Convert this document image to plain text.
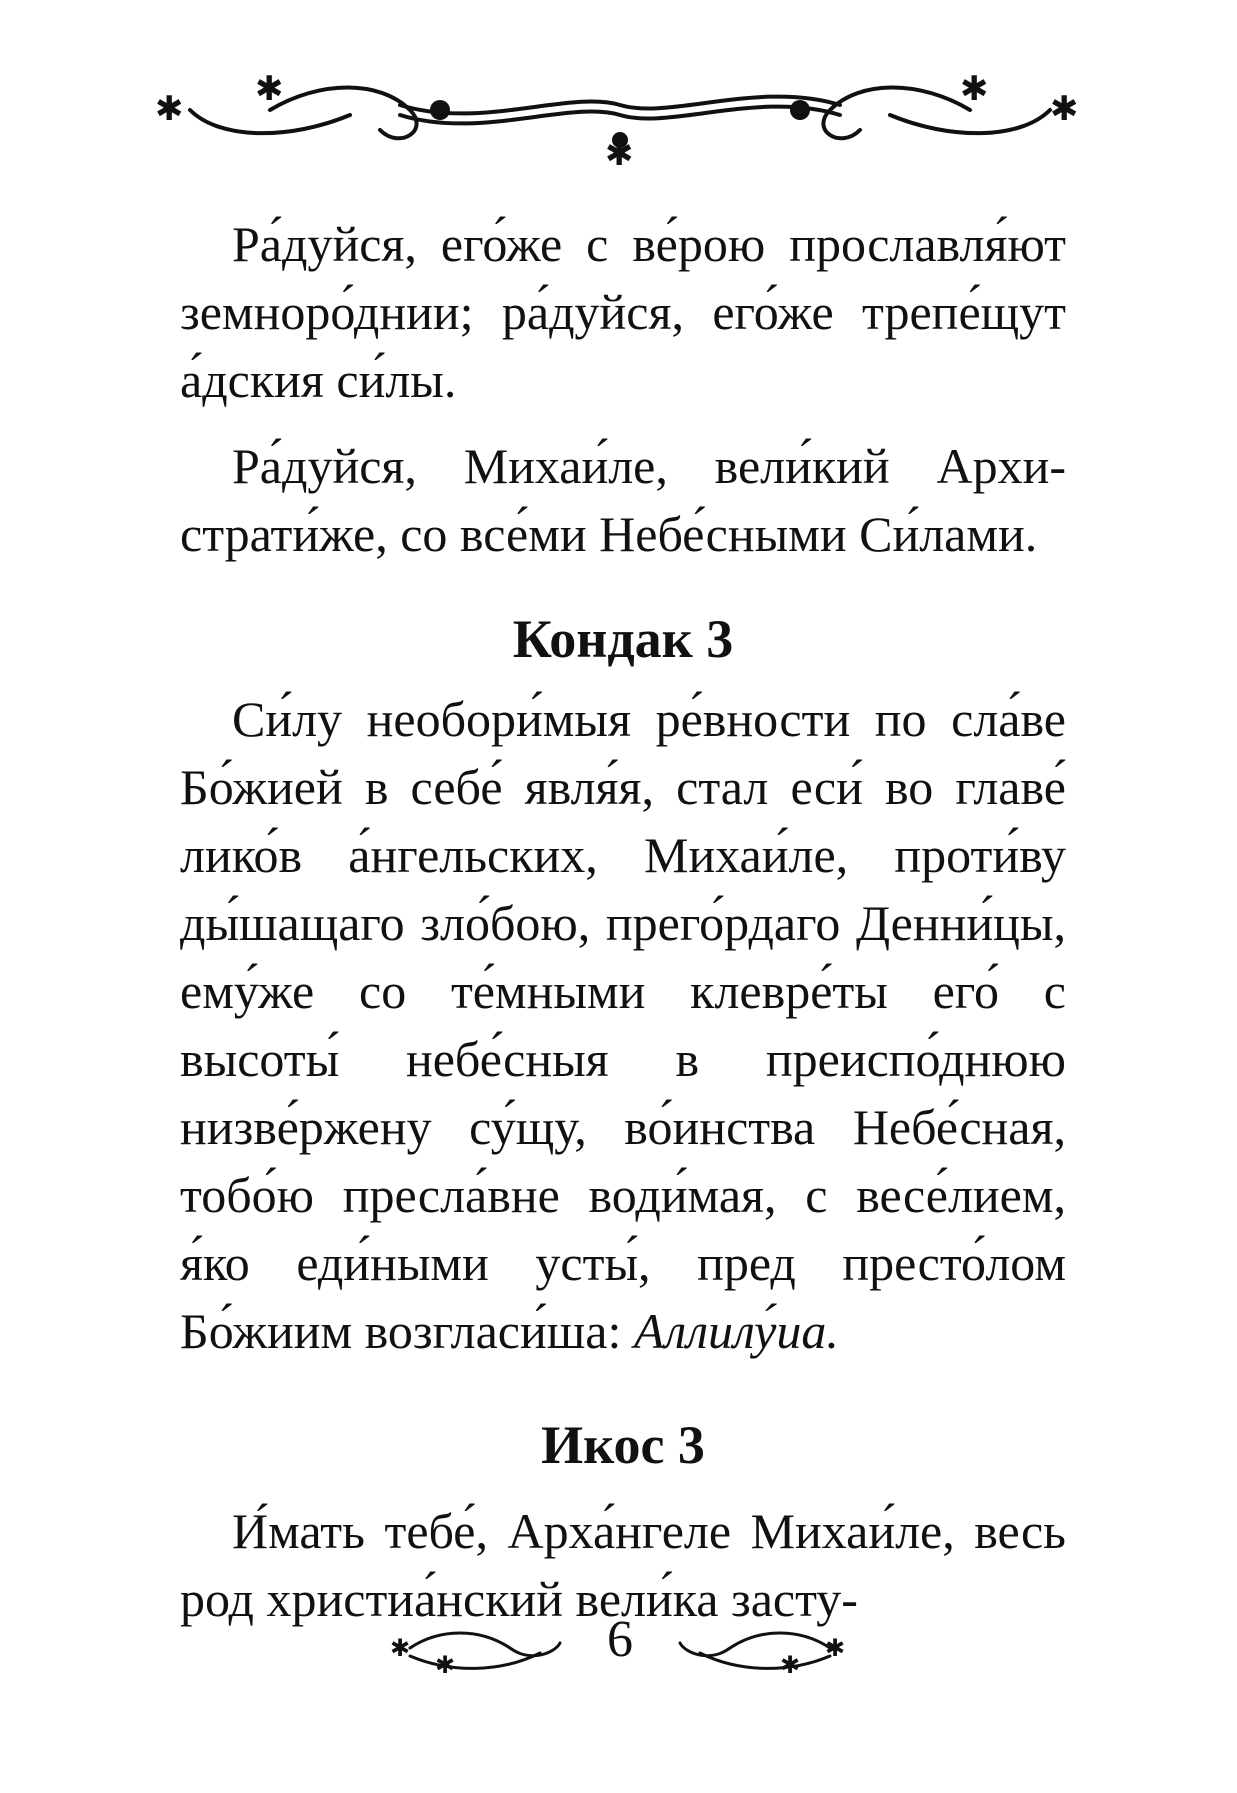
✱ ✱
✱
✱ ✱

Ра́дуйся, его́же с ве́рою прославля́ют земноро́днии; ра́дуйся, его́же трепе́щут а́дския си́лы.

Ра́дуйся, Михаи́ле, вели́кий Архистрати́же, со все́ми Небе́сными Си́лами.

Кондак 3

Си́лу необори́мыя ре́вности по сла́ве Бо́жией в себе́ явля́я, стал еси́ во главе́ лико́в а́нгельских, Михаи́ле, проти́ву ды́шащаго зло́бою, прего́рдаго Денни́цы, ему́же со те́мными клевре́ты его́ с высоты́ небе́сныя в преиспо́днюю низве́ржену су́щу, во́инства Небе́сная, тобо́ю пресла́вне води́мая, с весе́лием, я́ко еди́ными усты́, пред престо́лом Бо́жиим возгласи́ша: Аллилу́иа.

Икос 3

И́мать тебе́, Арха́нгеле Михаи́ле, весь род христиа́нский вели́ка засту-

✱
✱	6	✱
✱
